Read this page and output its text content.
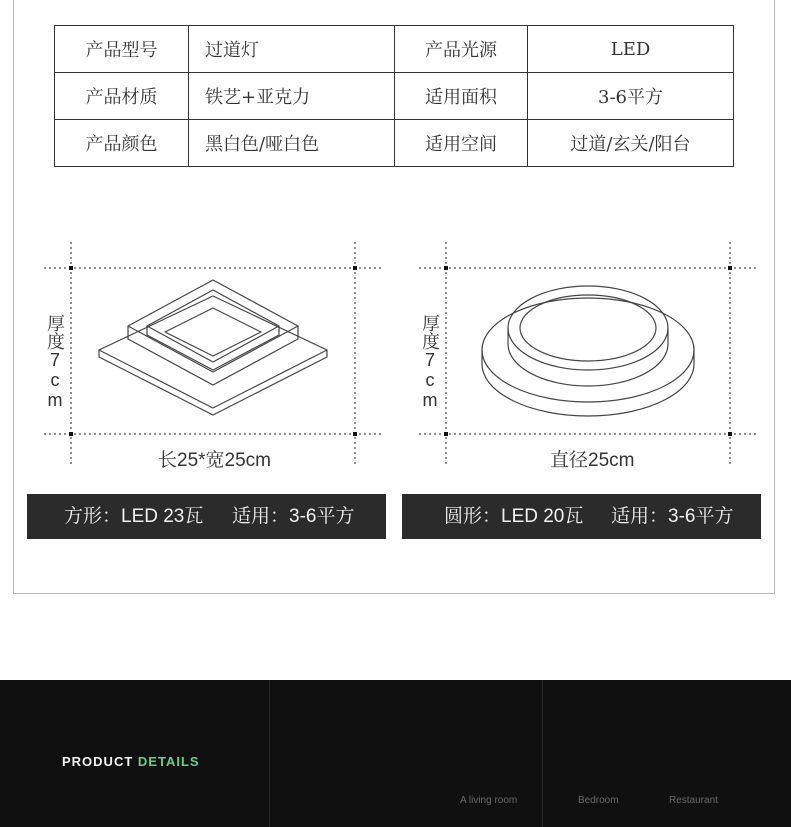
产品型号	过道灯	产品光源	LED
产品材质	铁艺+亚克力	适用面积	3-6平方
产品颜色	黑白色/哑白色	适用空间	过道/玄关/阳台
厚度7cm
长25*宽25cm
厚度7cm
直径25cm
方形：LED 23瓦 适用：3-6平方	圆形：LED 20瓦 适用：3-6平方
PRODUCT DETAILS
A living room	Bedroom	Restaurant
